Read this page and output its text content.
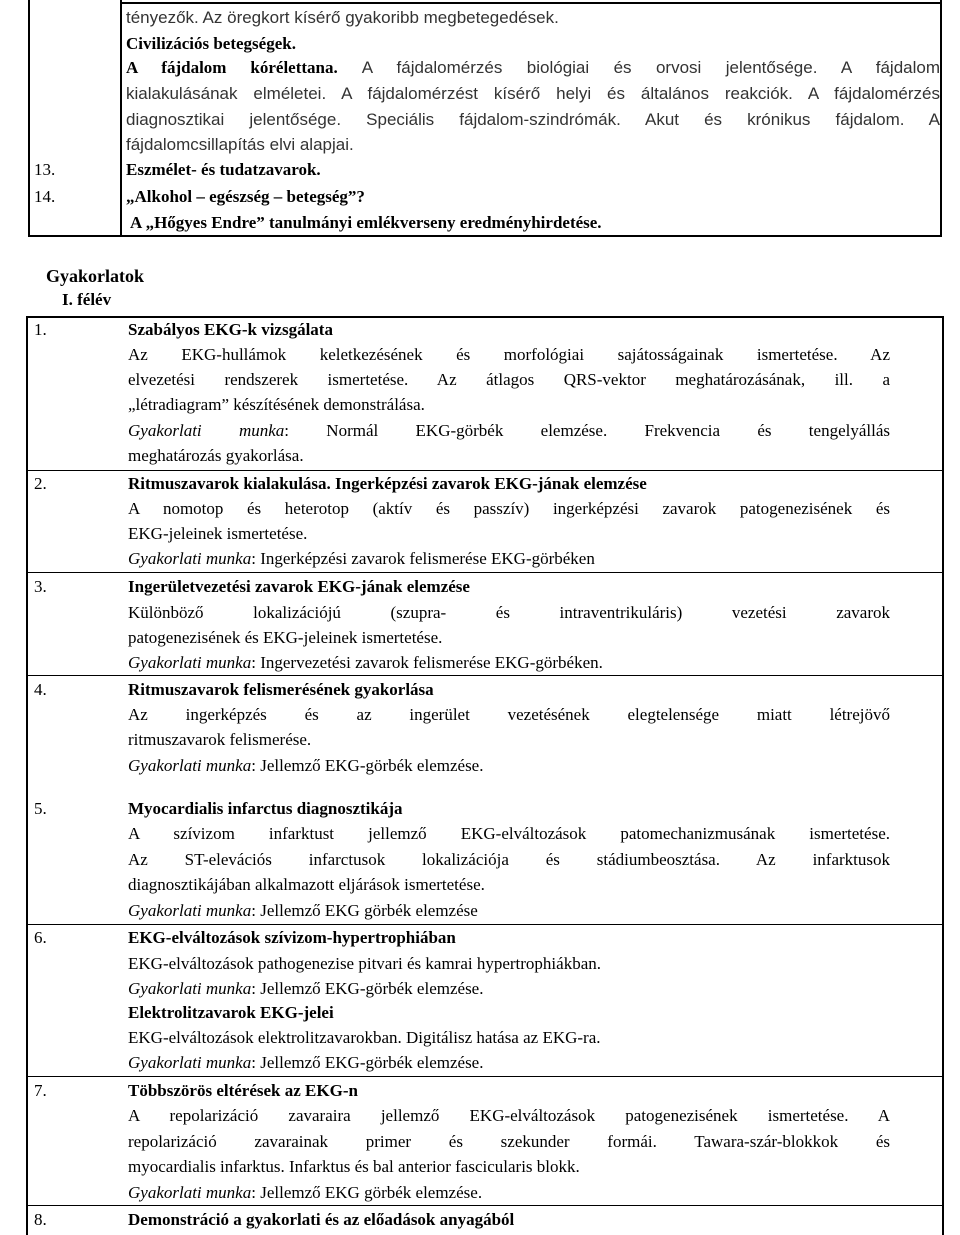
tényezők. Az öregkort kísérő gyakoribb megbetegedések.
Civilizációs betegségek.
A fájdalom kórélettana. A fájdalomérzés biológiai és orvosi jelentősége. A fájdalom
kialakulásának elméletei. A fájdalomérzést kísérő helyi és általános reakciók. A fájdalomérzés
diagnosztikai jelentősége. Speciális fájdalom-szindrómák. Akut és krónikus fájdalom. A
fájdalomcsillapítás elvi alapjai.
13.	Eszmélet- és tudatzavarok.
14.	„Alkohol – egészség – betegség”?
A „Hőgyes Endre” tanulmányi emlékverseny eredményhirdetése.
Gyakorlatok
I. félév
1.	Szabályos EKG-k vizsgálata
Az EKG-hullámok keletkezésének és morfológiai sajátosságainak ismertetése. Az
elvezetési rendszerek ismertetése. Az átlagos QRS-vektor meghatározásának, ill. a
„létradiagram” készítésének demonstrálása.
Gyakorlati munka: Normál EKG-görbék elemzése. Frekvencia és tengelyállás
meghatározás gyakorlása.
2.	Ritmuszavarok kialakulása. Ingerképzési zavarok EKG-jának elemzése
A nomotop és heterotop (aktív és passzív) ingerképzési zavarok patogenezisének és
EKG-jeleinek ismertetése.
Gyakorlati munka: Ingerképzési zavarok felismerése EKG-görbéken
3.	Ingerületvezetési zavarok EKG-jának elemzése
Különböző lokalizációjú (szupra- és intraventrikuláris) vezetési zavarok
patogenezisének és EKG-jeleinek ismertetése.
Gyakorlati munka: Ingervezetési zavarok felismerése EKG-görbéken.
4.	Ritmuszavarok felismerésének gyakorlása
Az ingerképzés és az ingerület vezetésének elegtelensége miatt létrejövő
ritmuszavarok felismerése.
Gyakorlati munka: Jellemző EKG-görbék elemzése.
5.	Myocardialis infarctus diagnosztikája
A szívizom infarktust jellemző EKG-elváltozások patomechanizmusának ismertetése.
Az ST-elevációs infarctusok lokalizációja és stádiumbeosztása. Az infarktusok
diagnosztikájában alkalmazott eljárások ismertetése.
Gyakorlati munka: Jellemző EKG görbék elemzése
6.	EKG-elváltozások szívizom-hypertrophiában
EKG-elváltozások pathogenezise pitvari és kamrai hypertrophiákban.
Gyakorlati munka: Jellemző EKG-görbék elemzése.
Elektrolitzavarok EKG-jelei
EKG-elváltozások elektrolitzavarokban. Digitálisz hatása az EKG-ra.
Gyakorlati munka: Jellemző EKG-görbék elemzése.
7.	Többszörös eltérések az EKG-n
A repolarizáció zavaraira jellemző EKG-elváltozások patogenezisének ismertetése. A
repolarizáció zavarainak primer és szekunder formái. Tawara-szár-blokkok és
myocardialis infarktus. Infarktus és bal anterior fascicularis blokk.
Gyakorlati munka: Jellemző EKG görbék elemzése.
8.	Demonstráció a gyakorlati és az előadások anyagából
